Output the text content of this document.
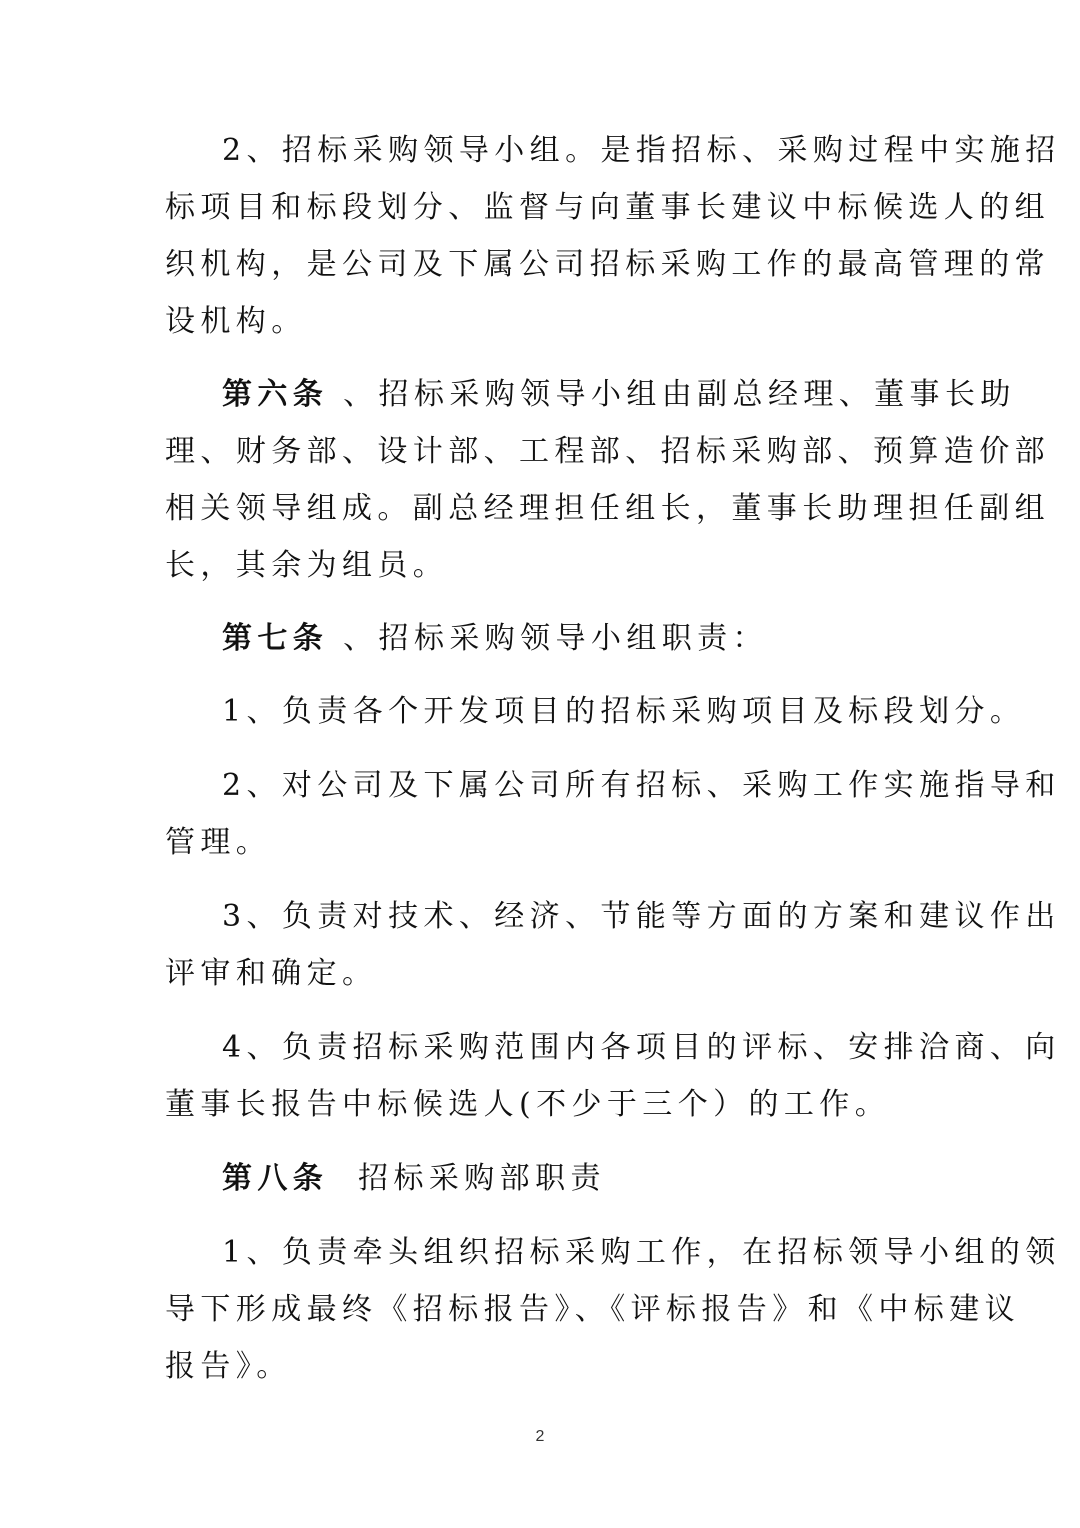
2、招标采购领导小组。是指招标、采购过程中实施招
标项目和标段划分、监督与向董事长建议中标候选人的组
织机构，是公司及下属公司招标采购工作的最高管理的常
设机构。
第六条 、招标采购领导小组由副总经理、董事长助
理、财务部、设计部、工程部、招标采购部、预算造价部
相关领导组成。副总经理担任组长，董事长助理担任副组
长，其余为组员。
第七条 、招标采购领导小组职责：
1、负责各个开发项目的招标采购项目及标段划分。
2、对公司及下属公司所有招标、采购工作实施指导和
管理。
3、负责对技术、经济、节能等方面的方案和建议作出
评审和确定。
4、负责招标采购范围内各项目的评标、安排洽商、向
董事长报告中标候选人(不少于三个）的工作。
第八条  招标采购部职责
1、负责牵头组织招标采购工作，在招标领导小组的领
导下形成最终《招标报告》、《评标报告》和《中标建议
报告》。
2
